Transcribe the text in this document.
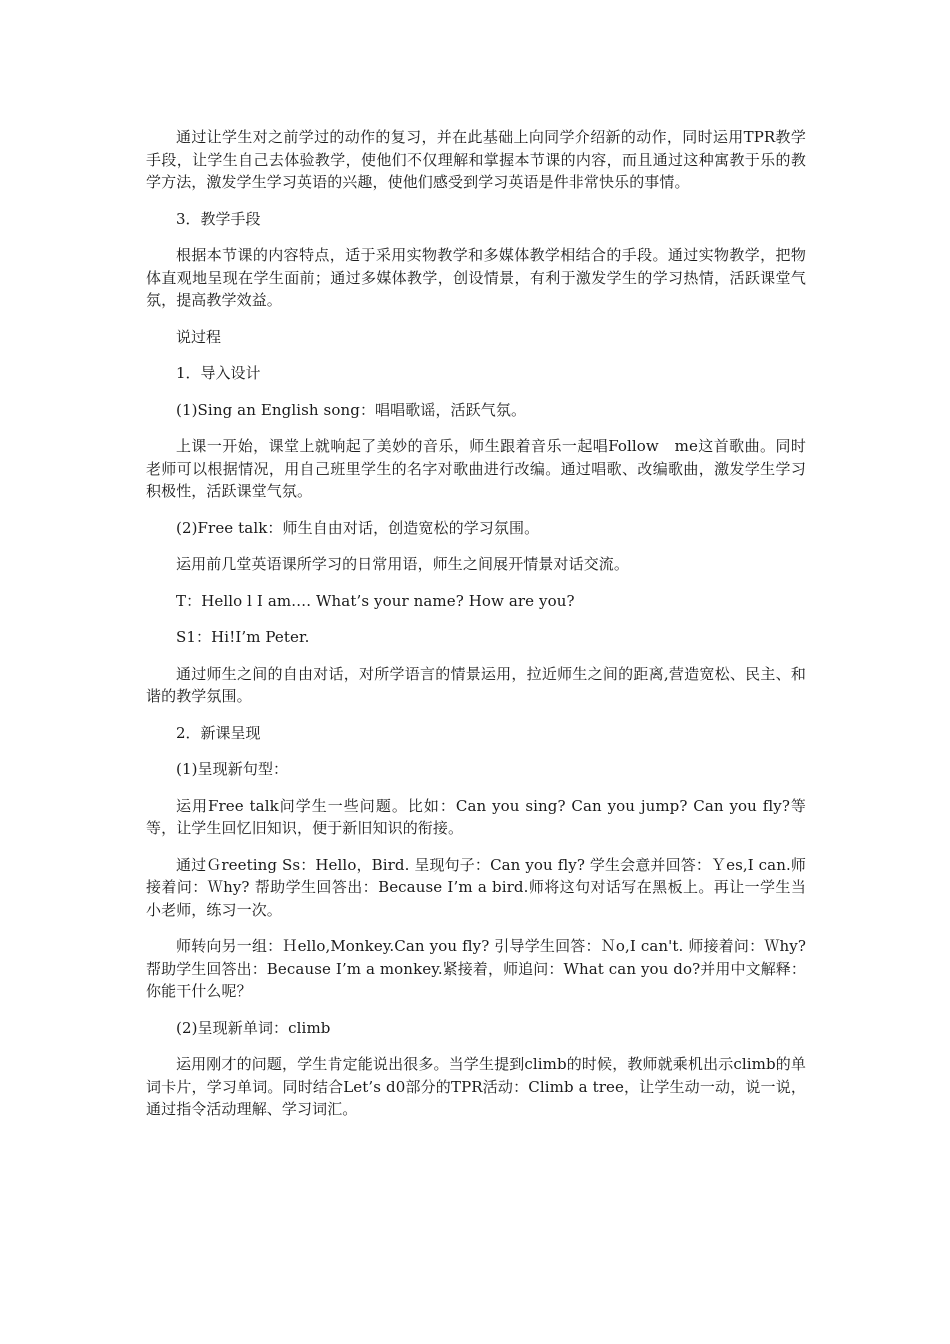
通过让学生对之前学过的动作的复习，并在此基础上向同学介绍新的动作，同时运用TPR教学手段，让学生自己去体验教学，使他们不仅理解和掌握本节课的内容，而且通过这种寓教于乐的教学方法，激发学生学习英语的兴趣，使他们感受到学习英语是件非常快乐的事情。

3．教学手段

根据本节课的内容特点，适于采用实物教学和多媒体教学相结合的手段。通过实物教学，把物体直观地呈现在学生面前；通过多媒体教学，创设情景，有利于激发学生的学习热情，活跃课堂气氛，提高教学效益。

说过程

1．导入设计

(1)Sing an English song：唱唱歌谣，活跃气氛。

上课一开始，课堂上就响起了美妙的音乐，师生跟着音乐一起唱Follow　me这首歌曲。同时老师可以根据情况，用自己班里学生的名字对歌曲进行改编。通过唱歌、改编歌曲，激发学生学习积极性，活跃课堂气氛。

(2)Free talk：师生自由对话，创造宽松的学习氛围。

运用前几堂英语课所学习的日常用语，师生之间展开情景对话交流。

T：Hello l I am…. What’s your name? How are you?

S1：Hi!I’m Peter.

通过师生之间的自由对话，对所学语言的情景运用，拉近师生之间的距离,营造宽松、民主、和谐的教学氛围。

2．新课呈现

(1)呈现新句型：

运用Free talk问学生一些问题。比如：Can you sing? Can you jump? Can you fly?等等，让学生回忆旧知识，便于新旧知识的衔接。

通过Ｇreeting Ss：Hello，Bird. 呈现句子：Can you fly? 学生会意并回答：Ｙes,I can.师接着问：Ｗhy? 帮助学生回答出：Because I’m a bird.师将这句对话写在黑板上。再让一学生当小老师，练习一次。

师转向另一组：Ｈello,Monkey.Can you fly? 引导学生回答：Ｎo,I can't. 师接着问：Ｗhy? 帮助学生回答出：Because I’m a monkey.紧接着，师追问：What can you do?并用中文解释：你能干什么呢？

(2)呈现新单词：climb

运用刚才的问题，学生肯定能说出很多。当学生提到climb的时候，教师就乘机出示climb的单词卡片，学习单词。同时结合Let’s d0部分的TPR活动：Climb a tree，让学生动一动，说一说，通过指令活动理解、学习词汇。
